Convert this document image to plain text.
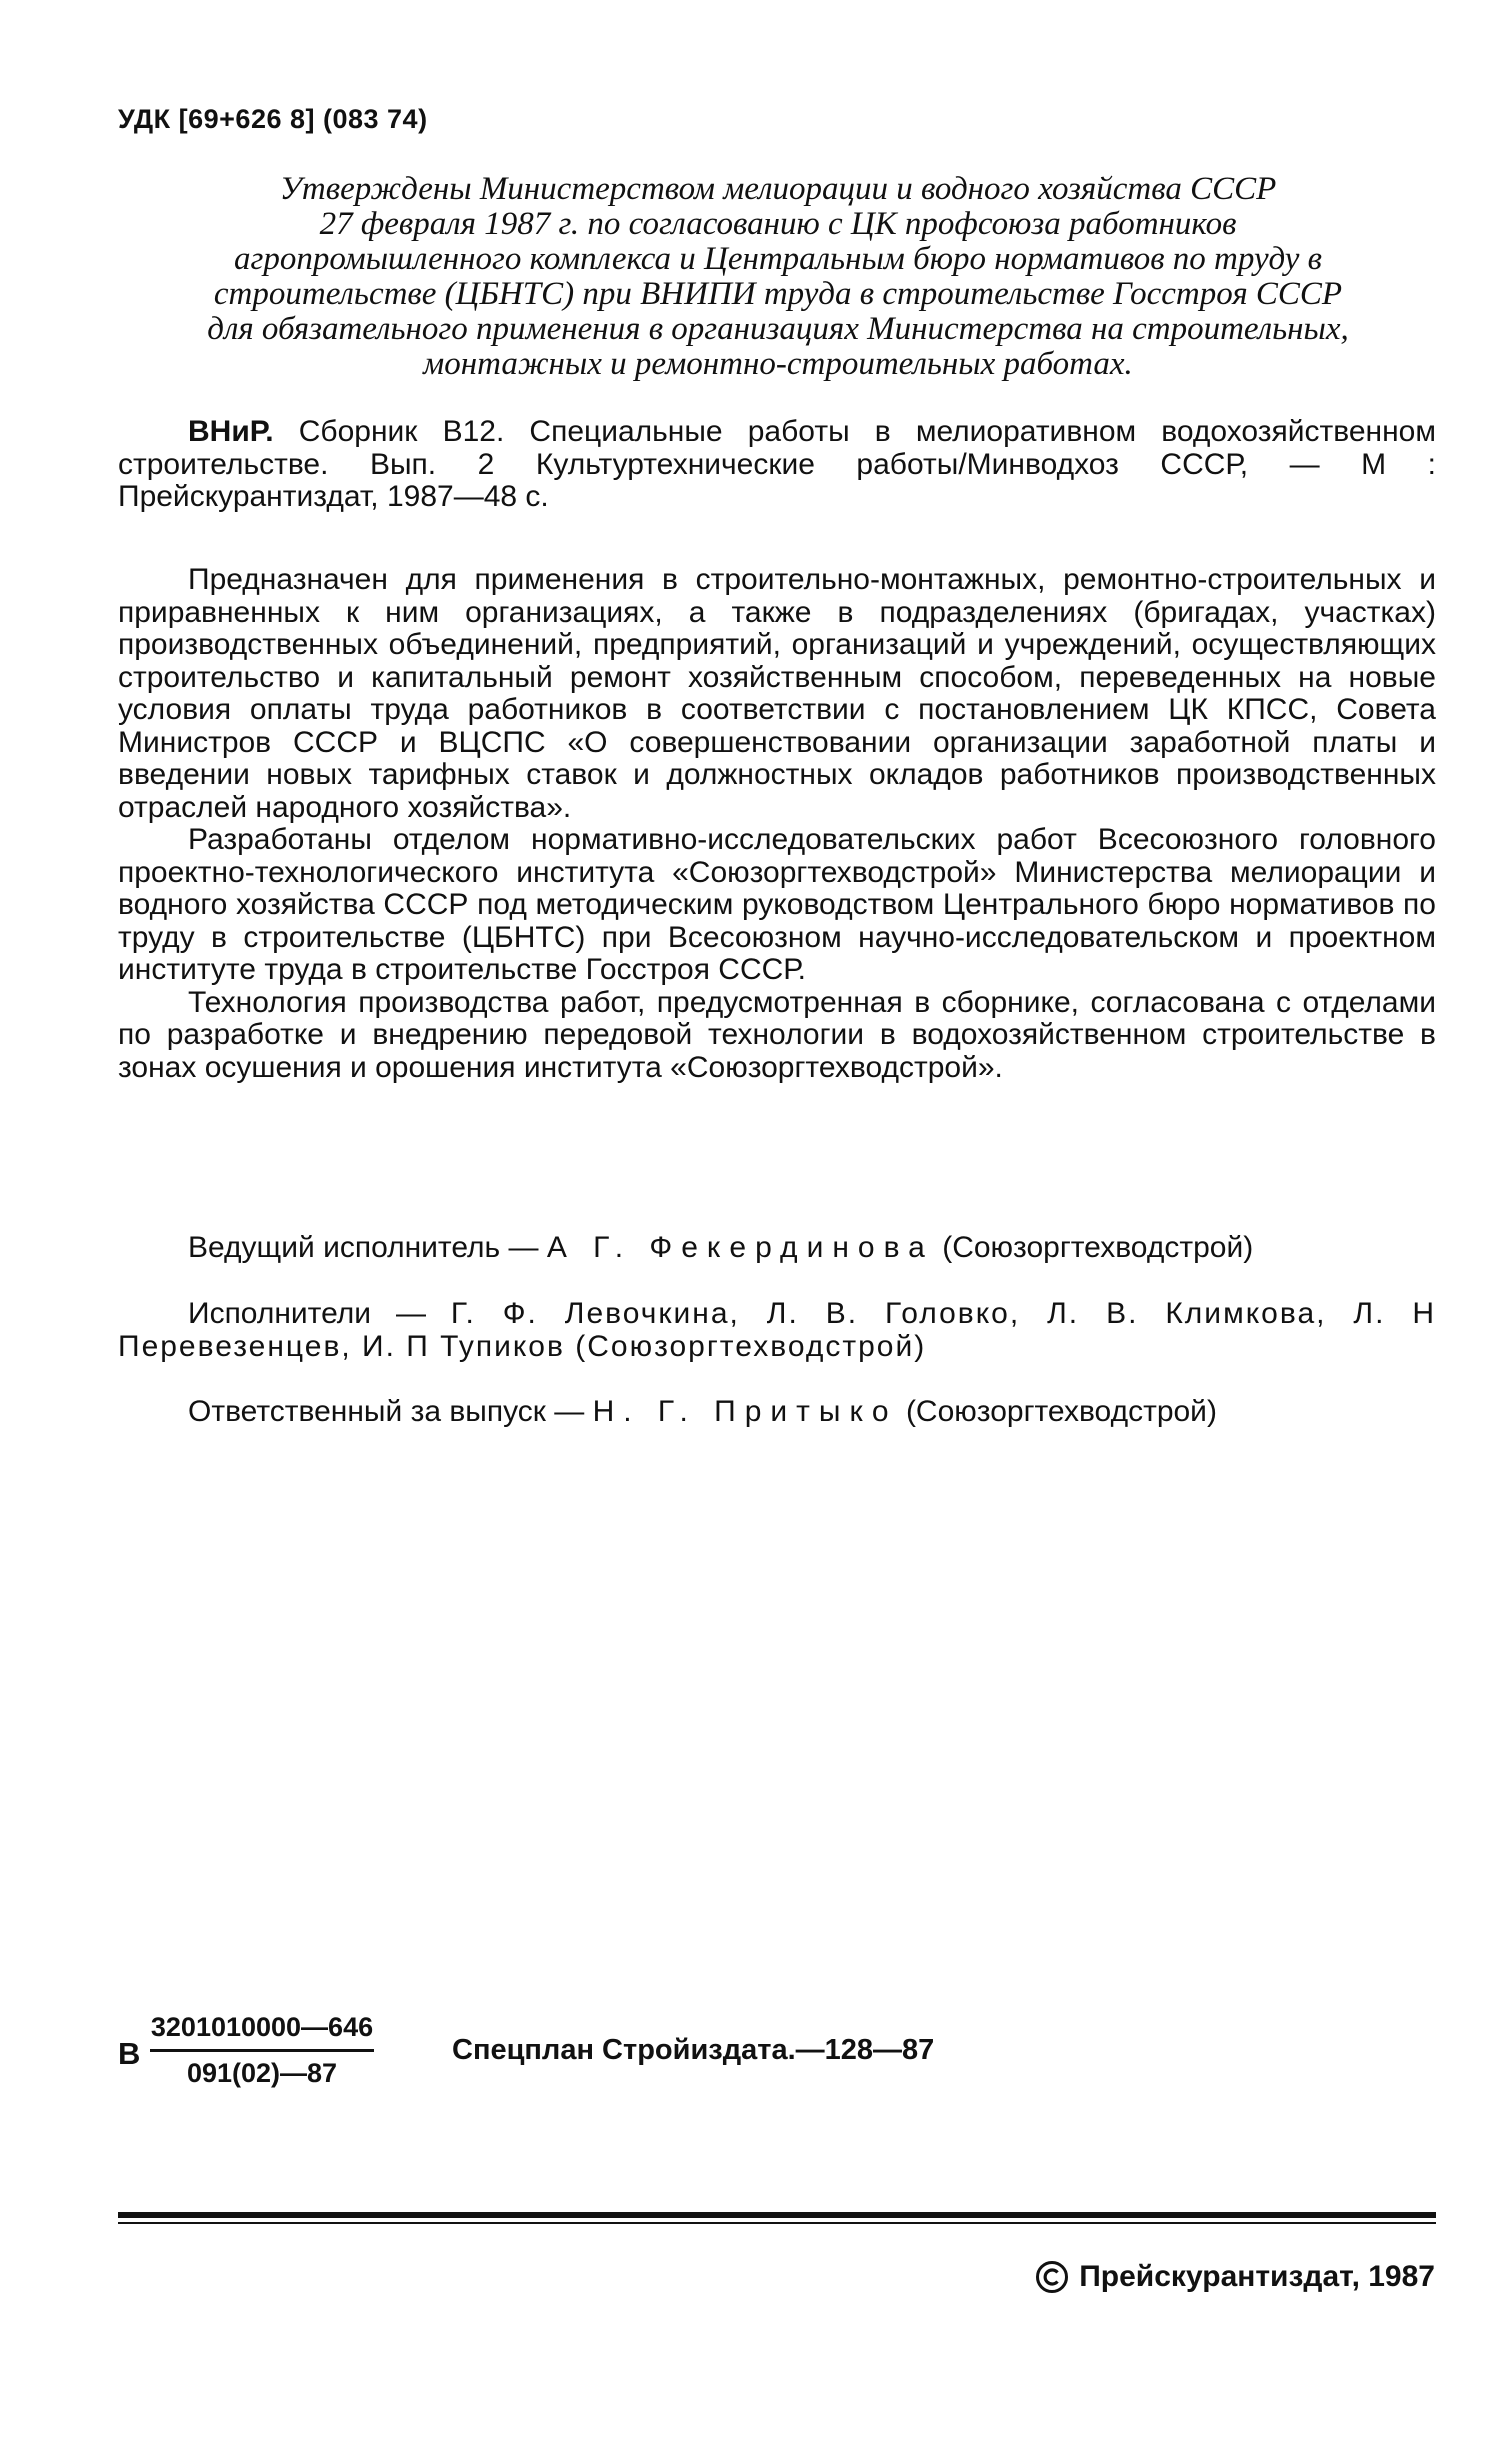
УДК [69+626 8] (083 74)
Утверждены Министерством мелиорации и водного хозяйства СССР
27 февраля 1987 г. по согласованию с ЦК профсоюза работников
агропромышленного комплекса и Центральным бюро нормативов по труду в
строительстве (ЦБНТС) при ВНИПИ труда в строительстве Госстроя СССР
для обязательного применения в организациях Министерства на строительных,
монтажных и ремонтно-строительных работах.

ВНиР. Сборник В12. Специальные работы в мелиоративном водохозяйственном строительстве. Вып. 2 Культуртехнические работы/Минводхоз СССР, — М : Прейскурантиздат, 1987—48 с.

Предназначен для применения в строительно-монтажных, ремонтно-строительных и приравненных к ним организациях, а также в подразделениях (бригадах, участках) производственных объединений, предприятий, организаций и учреждений, осуществляющих строительство и капитальный ремонт хозяйственным способом, переведенных на новые условия оплаты труда работников в соответствии с постановлением ЦК КПСС, Совета Министров СССР и ВЦСПС «О совершенствовании организации заработной платы и введении новых тарифных ставок и должностных окладов работников производственных отраслей народного хозяйства».

Разработаны отделом нормативно-исследовательских работ Всесоюзного головного проектно-технологического института «Союзоргтехводстрой» Министерства мелиорации и водного хозяйства СССР под методическим руководством Центрального бюро нормативов по труду в строительстве (ЦБНТС) при Всесоюзном научно-исследовательском и проектном институте труда в строительстве Госстроя СССР.

Технология производства работ, предусмотренная в сборнике, согласована с отделами по разработке и внедрению передовой технологии в водохозяйственном строительстве в зонах осушения и орошения института «Союзоргтехводстрой».

Ведущий исполнитель — А Г. Фекердинова (Союзоргтехводстрой)

Исполнители — Г. Ф. Левочкина, Л. В. Головко, Л. В. Климкова, Л. Н Перевезенцев, И. П Тупиков (Союзоргтехводстрой)

Ответственный за выпуск — Н. Г. Притыко (Союзоргтехводстрой)

В $\frac{3201010000—646}{091(02)—87}$	Спецплан Стройиздата.—128—87
Прейскурантиздат, 1987
